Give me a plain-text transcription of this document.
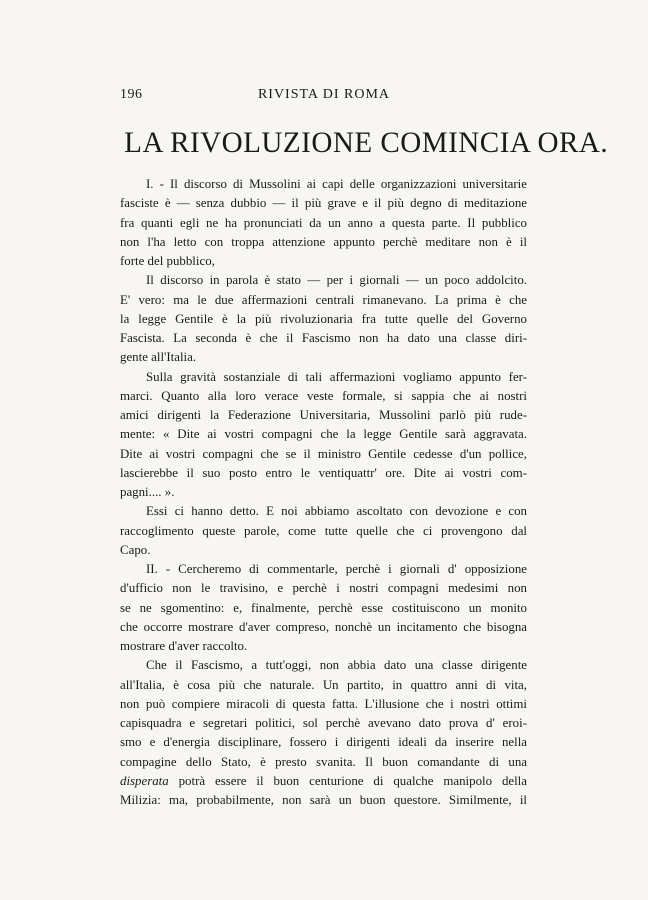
196	RIVISTA DI ROMA
LA RIVOLUZIONE COMINCIA ORA.
I. - Il discorso di Mussolini ai capi delle organizzazioni universitarie
fasciste è — senza dubbio — il più grave e il più degno di meditazione
fra quanti egli ne ha pronunciati da un anno a questa parte. Il pubblico
non l'ha letto con troppa attenzione appunto perchè meditare non è il
forte del pubblico,
Il discorso in parola è stato — per i giornali — un poco addolcito.
E' vero: ma le due affermazioni centrali rimanevano. La prima è che
la legge Gentile è la più rivoluzionaria fra tutte quelle del Governo
Fascista. La seconda è che il Fascismo non ha dato una classe diri-
gente all'Italia.
Sulla gravità sostanziale di tali affermazioni vogliamo appunto fer-
marci. Quanto alla loro verace veste formale, si sappia che ai nostri
amici dirigenti la Federazione Universitaria, Mussolini parlò più rude-
mente: « Dite ai vostri compagni che la legge Gentile sarà aggravata.
Dite ai vostri compagni che se il ministro Gentile cedesse d'un pollice,
lascierebbe il suo posto entro le ventiquattr' ore. Dite ai vostri com-
pagni.... ».
Essi ci hanno detto. E noi abbiamo ascoltato con devozione e con
raccoglimento queste parole, come tutte quelle che ci provengono dal
Capo.
II. - Cercheremo di commentarle, perchè i giornali d' opposizione
d'ufficio non le travisino, e perchè i nostri compagni medesimi non
se ne sgomentino: e, finalmente, perchè esse costituiscono un monito
che occorre mostrare d'aver compreso, nonchè un incitamento che bisogna
mostrare d'aver raccolto.
Che il Fascismo, a tutt'oggi, non abbia dato una classe dirigente
all'Italia, è cosa più che naturale. Un partito, in quattro anni di vita,
non può compiere miracoli di questa fatta. L'illusione che i nostri ottimi
capisquadra e segretari politici, sol perchè avevano dato prova d' eroi-
smo e d'energia disciplinare, fossero i dirigenti ideali da inserire nella
compagine dello Stato, è presto svanita. Il buon comandante di una
disperata potrà essere il buon centurione di qualche manipolo della
Milizia: ma, probabilmente, non sarà un buon questore. Similmente, il
